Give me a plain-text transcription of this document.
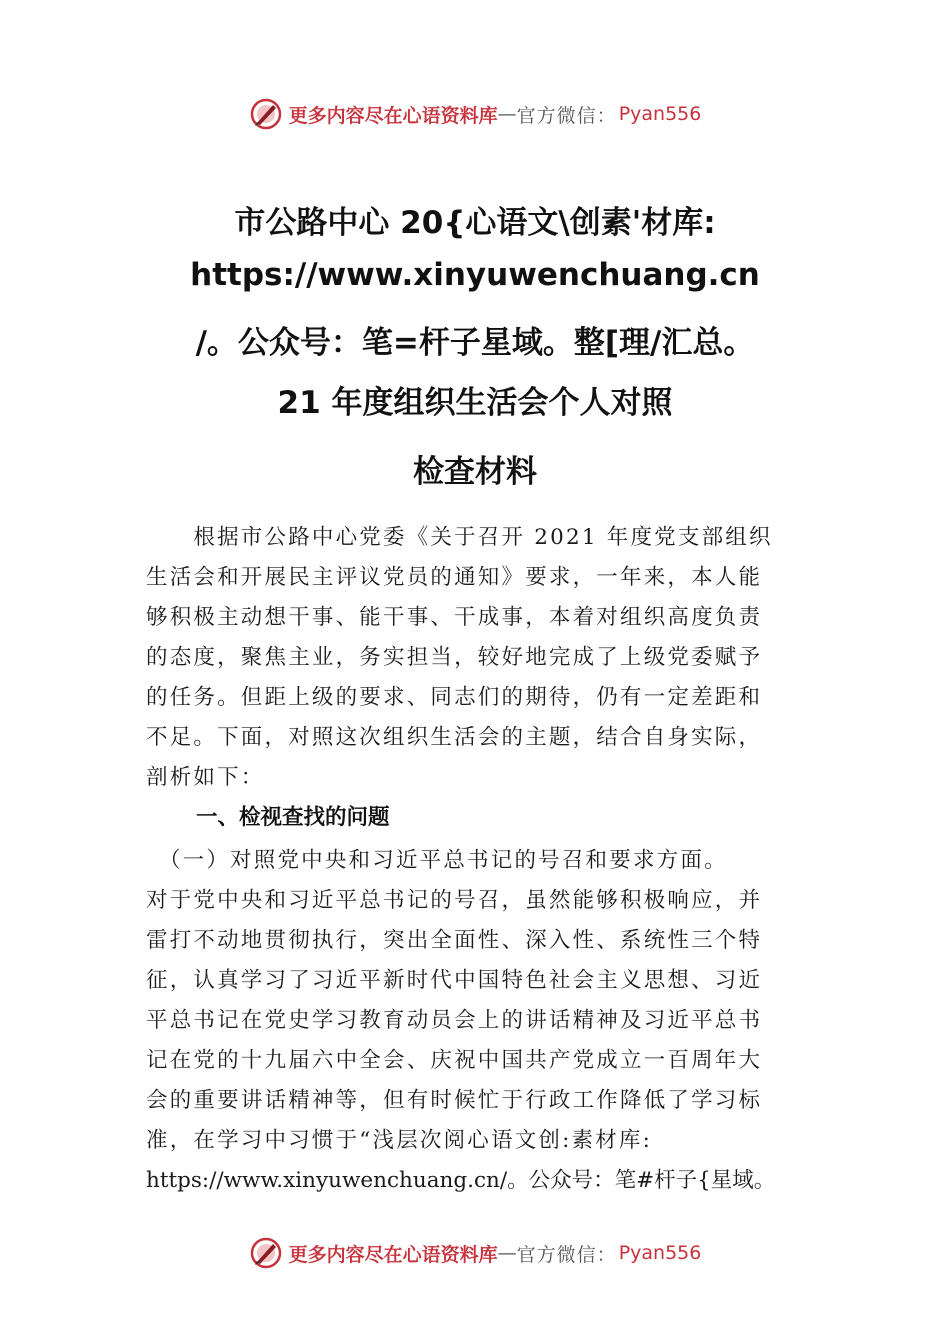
更多内容尽在心语资料库 — 官方微信： Pyan556
市公路中心 20{心语文\创素'材库:
https://www.xinyuwenchuang.cn
/。公众号：笔=杆子星域。整[理/汇总。
21 年度组织生活会个人对照
检查材料
　　根据市公路中心党委《关于召开 2021 年度党支部组织
生活会和开展民主评议党员的通知》要求，一年来，本人能
够积极主动想干事、能干事、干成事，本着对组织高度负责
的态度，聚焦主业，务实担当，较好地完成了上级党委赋予
的任务。但距上级的要求、同志们的期待，仍有一定差距和
不足。下面，对照这次组织生活会的主题，结合自身实际，
剖析如下：
一、检视查找的问题
　（一）对照党中央和习近平总书记的号召和要求方面。
对于党中央和习近平总书记的号召，虽然能够积极响应，并
雷打不动地贯彻执行，突出全面性、深入性、系统性三个特
征，认真学习了习近平新时代中国特色社会主义思想、习近
平总书记在党史学习教育动员会上的讲话精神及习近平总书
记在党的十九届六中全会、庆祝中国共产党成立一百周年大
会的重要讲话精神等，但有时候忙于行政工作降低了学习标
准，在学习中习惯于“浅层次阅心语文创:素材库:
https://www.xinyuwenchuang.cn/。公众号：笔#杆子{星域。
更多内容尽在心语资料库 — 官方微信： Pyan556
